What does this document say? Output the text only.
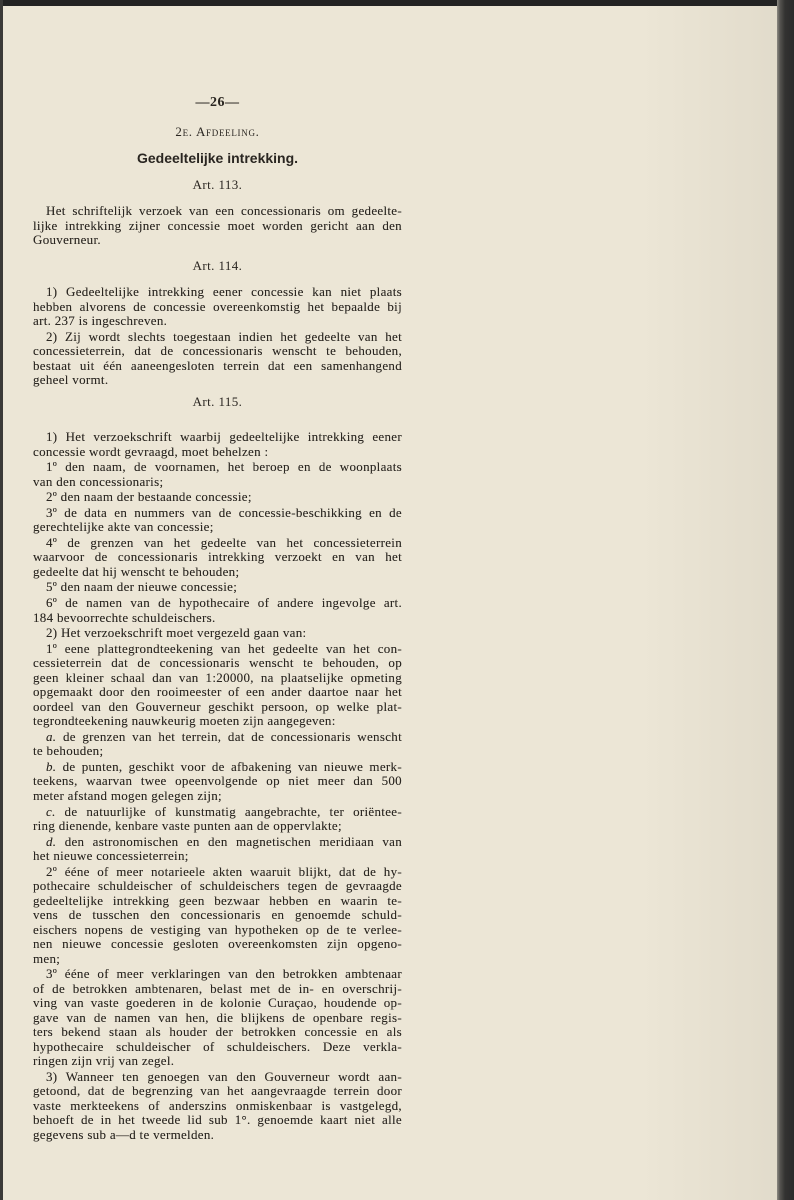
—26—
2e. Afdeeling.
Gedeeltelijke intrekking.
Art. 113.
Het schriftelijk verzoek van een concessionaris om gedeelte-
lijke intrekking zijner concessie moet worden gericht aan den
Gouverneur.
Art. 114.
1) Gedeeltelijke intrekking eener concessie kan niet plaats
hebben alvorens de concessie overeenkomstig het bepaalde bij
art. 237 is ingeschreven.
2) Zij wordt slechts toegestaan indien het gedeelte van het
concessieterrein, dat de concessionaris wenscht te behouden,
bestaat uit één aaneengesloten terrein dat een samenhangend
geheel vormt.
Art. 115.
1) Het verzoekschrift waarbij gedeeltelijke intrekking eener
concessie wordt gevraagd, moet behelzen :
1º den naam, de voornamen, het beroep en de woonplaats
van den concessionaris;
2º den naam der bestaande concessie;
3º de data en nummers van de concessie-beschikking en de
gerechtelijke akte van concessie;
4º de grenzen van het gedeelte van het concessieterrein
waarvoor de concessionaris intrekking verzoekt en van het
gedeelte dat hij wenscht te behouden;
5º den naam der nieuwe concessie;
6º de namen van de hypothecaire of andere ingevolge art.
184 bevoorrechte schuldeischers.
2) Het verzoekschrift moet vergezeld gaan van:
1º eene plattegrondteekening van het gedeelte van het con-
cessieterrein dat de concessionaris wenscht te behouden, op
geen kleiner schaal dan van 1:20000, na plaatselijke opmeting
opgemaakt door den rooimeester of een ander daartoe naar het
oordeel van den Gouverneur geschikt persoon, op welke plat-
tegrondteekening nauwkeurig moeten zijn aangegeven:
a. de grenzen van het terrein, dat de concessionaris wenscht
te behouden;
b. de punten, geschikt voor de afbakening van nieuwe merk-
teekens, waarvan twee opeenvolgende op niet meer dan 500
meter afstand mogen gelegen zijn;
c. de natuurlijke of kunstmatig aangebrachte, ter oriëntee-
ring dienende, kenbare vaste punten aan de oppervlakte;
d. den astronomischen en den magnetischen meridiaan van
het nieuwe concessieterrein;
2º ééne of meer notarieele akten waaruit blijkt, dat de hy-
pothecaire schuldeischer of schuldeischers tegen de gevraagde
gedeeltelijke intrekking geen bezwaar hebben en waarin te-
vens de tusschen den concessionaris en genoemde schuld-
eischers nopens de vestiging van hypotheken op de te verlee-
nen nieuwe concessie gesloten overeenkomsten zijn opgeno-
men;
3º ééne of meer verklaringen van den betrokken ambtenaar
of de betrokken ambtenaren, belast met de in- en overschrij-
ving van vaste goederen in de kolonie Curaçao, houdende op-
gave van de namen van hen, die blijkens de openbare regis-
ters bekend staan als houder der betrokken concessie en als
hypothecaire schuldeischer of schuldeischers. Deze verkla-
ringen zijn vrij van zegel.
3) Wanneer ten genoegen van den Gouverneur wordt aan-
getoond, dat de begrenzing van het aangevraagde terrein door
vaste merkteekens of anderszins onmiskenbaar is vastgelegd,
behoeft de in het tweede lid sub 1°. genoemde kaart niet alle
gegevens sub a—d te vermelden.
